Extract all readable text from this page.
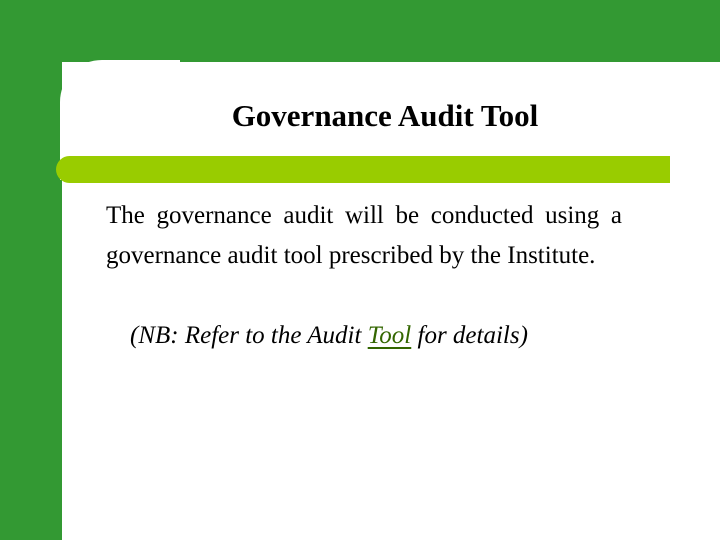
Governance Audit Tool

The governance audit will be conducted using a governance audit tool prescribed by the Institute.

(NB: Refer to the Audit Tool for details)
